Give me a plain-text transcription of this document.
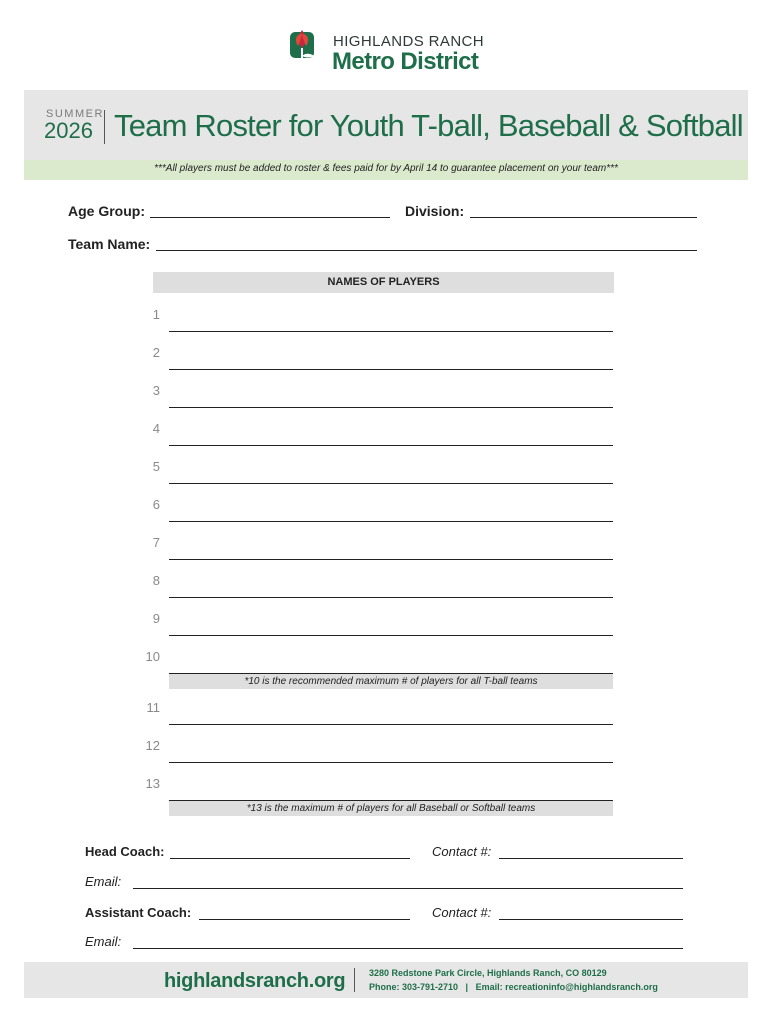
HIGHLANDS RANCH
Metro District
SUMMER
2026 Team Roster for Youth T-ball, Baseball & Softball
***All players must be added to roster & fees paid for by April 14 to guarantee placement on your team***
Age Group:	Division:
Team Name:
NAMES OF PLAYERS
1
2
3
4
5
6
7
8
9
10
*10 is the recommended maximum # of players for all T-ball teams
11
12
13
*13 is the maximum # of players for all Baseball or Softball teams
Head Coach:	Contact #:
Email:
Assistant Coach:	Contact #:
Email:
highlandsranch.org	3280 Redstone Park Circle, Highlands Ranch, CO 80129
Phone: 303-791-2710   |   Email: recreationinfo@highlandsranch.org
